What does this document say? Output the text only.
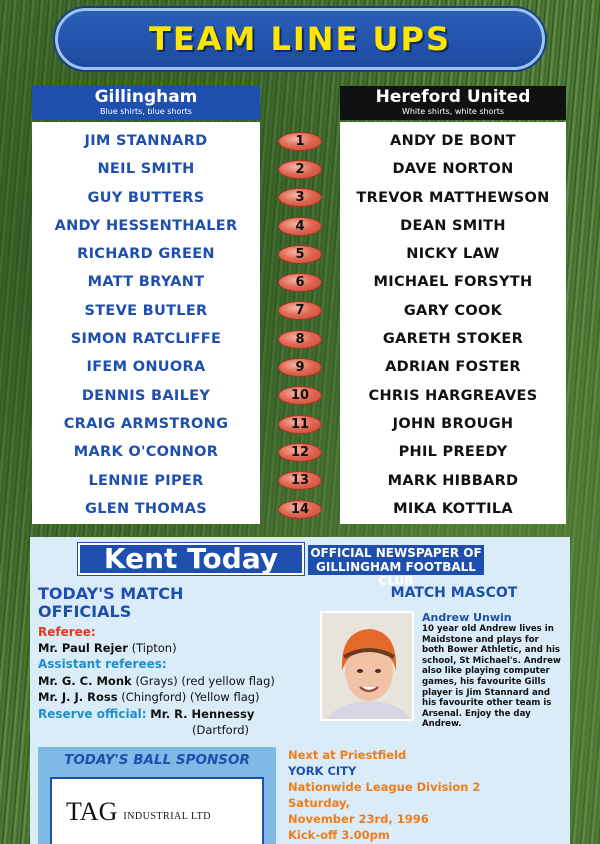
TEAM LINE UPS
Gillingham
Blue shirts, blue shorts
Hereford United
White shirts, white shorts
JIM STANNARD
NEIL SMITH
GUY BUTTERS
ANDY HESSENTHALER
RICHARD GREEN
MATT BRYANT
STEVE BUTLER
SIMON RATCLIFFE
IFEM ONUORA
DENNIS BAILEY
CRAIG ARMSTRONG
MARK O'CONNOR
LENNIE PIPER
GLEN THOMAS
1
2
3
4
5
6
7
8
9
10
11
12
13
14
ANDY DE BONT
DAVE NORTON
TREVOR MATTHEWSON
DEAN SMITH
NICKY LAW
MICHAEL FORSYTH
GARY COOK
GARETH STOKER
ADRIAN FOSTER
CHRIS HARGREAVES
JOHN BROUGH
PHIL PREEDY
MARK HIBBARD
MIKA KOTTILA
Kent Today	OFFICIAL NEWSPAPER OF
GILLINGHAM FOOTBALL CLUB
TODAY'S MATCH
OFFICIALS
Referee:
Mr. Paul Rejer (Tipton)
Assistant referees:
Mr. G. C. Monk (Grays) (red yellow flag)
Mr. J. J. Ross (Chingford) (Yellow flag)
Reserve official: Mr. R. Hennessy
(Dartford)
MATCH MASCOT
Andrew Unwin
10 year old Andrew lives in Maidstone and plays for both Bower Athletic, and his school, St Michael's. Andrew also like playing computer games, his favourite Gills player is Jim Stannard and his favourite other team is Arsenal. Enjoy the day Andrew.
TODAY'S BALL SPONSOR
TAG INDUSTRIAL LTD
Next at Priestfield
YORK CITY
Nationwide League Division 2
Saturday,
November 23rd, 1996
Kick-off 3.00pm
